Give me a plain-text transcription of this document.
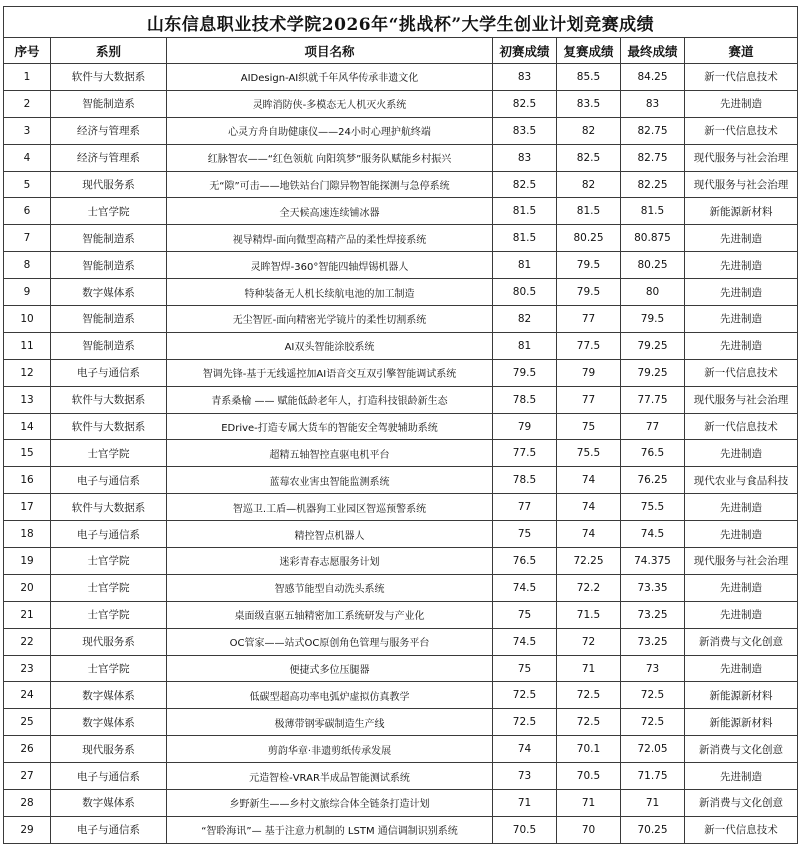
山东信息职业技术学院2026年“挑战杯”大学生创业计划竞赛成绩						
序号	系别	项目名称	初赛成绩	复赛成绩	最终成绩	赛道
1	软件与大数据系	AIDesign-AI织就千年风华传承非遗文化	83	85.5	84.25	新一代信息技术
2	智能制造系	灵眸消防侠-多模态无人机灭火系统	82.5	83.5	83	先进制造
3	经济与管理系	心灵方舟自助健康仪——24小时心理护航终端	83.5	82	82.75	新一代信息技术
4	经济与管理系	红脉智农——“红色领航 向阳筑梦”服务队赋能乡村振兴	83	82.5	82.75	现代服务与社会治理
5	现代服务系	无“隙”可击——地铁站台门隙异物智能探测与急停系统	82.5	82	82.25	现代服务与社会治理
6	士官学院	全天候高速连续铺冰器	81.5	81.5	81.5	新能源新材料
7	智能制造系	视导精焊-面向微型高精产品的柔性焊接系统	81.5	80.25	80.875	先进制造
8	智能制造系	灵眸智焊-360°智能四轴焊锡机器人	81	79.5	80.25	先进制造
9	数字媒体系	特种装备无人机长续航电池的加工制造	80.5	79.5	80	先进制造
10	智能制造系	无尘智匠-面向精密光学镜片的柔性切割系统	82	77	79.5	先进制造
11	智能制造系	AI双头智能涂胶系统	81	77.5	79.25	先进制造
12	电子与通信系	智调先锋-基于无线遥控加AI语音交互双引擎智能调试系统	79.5	79	79.25	新一代信息技术
13	软件与大数据系	青系桑榆 —— 赋能低龄老年人，打造科技银龄新生态	78.5	77	77.75	现代服务与社会治理
14	软件与大数据系	EDrive-打造专属大货车的智能安全驾驶辅助系统	79	75	77	新一代信息技术
15	士官学院	超精五轴智控直驱电机平台	77.5	75.5	76.5	先进制造
16	电子与通信系	蓝莓农业害虫智能监测系统	78.5	74	76.25	现代农业与食品科技
17	软件与大数据系	智巡卫.工盾—机器狗工业园区智巡预警系统	77	74	75.5	先进制造
18	电子与通信系	精控智点机器人	75	74	74.5	先进制造
19	士官学院	迷彩青春志愿服务计划	76.5	72.25	74.375	现代服务与社会治理
20	士官学院	智感节能型自动洗头系统	74.5	72.2	73.35	先进制造
21	士官学院	桌面级直驱五轴精密加工系统研发与产业化	75	71.5	73.25	先进制造
22	现代服务系	OC管家——站式OC原创角色管理与服务平台	74.5	72	73.25	新消费与文化创意
23	士官学院	便捷式多位压腿器	75	71	73	先进制造
24	数字媒体系	低碳型超高功率电弧炉虚拟仿真教学	72.5	72.5	72.5	新能源新材料
25	数字媒体系	极薄带钢零碳制造生产线	72.5	72.5	72.5	新能源新材料
26	现代服务系	剪韵华章·非遗剪纸传承发展	74	70.1	72.05	新消费与文化创意
27	电子与通信系	元造智检-VRAR半成品智能测试系统	73	70.5	71.75	先进制造
28	数字媒体系	乡野新生——乡村文旅综合体全链条打造计划	71	71	71	新消费与文化创意
29	电子与通信系	“智聆海讯”— 基于注意力机制的 LSTM 通信调制识别系统	70.5	70	70.25	新一代信息技术
